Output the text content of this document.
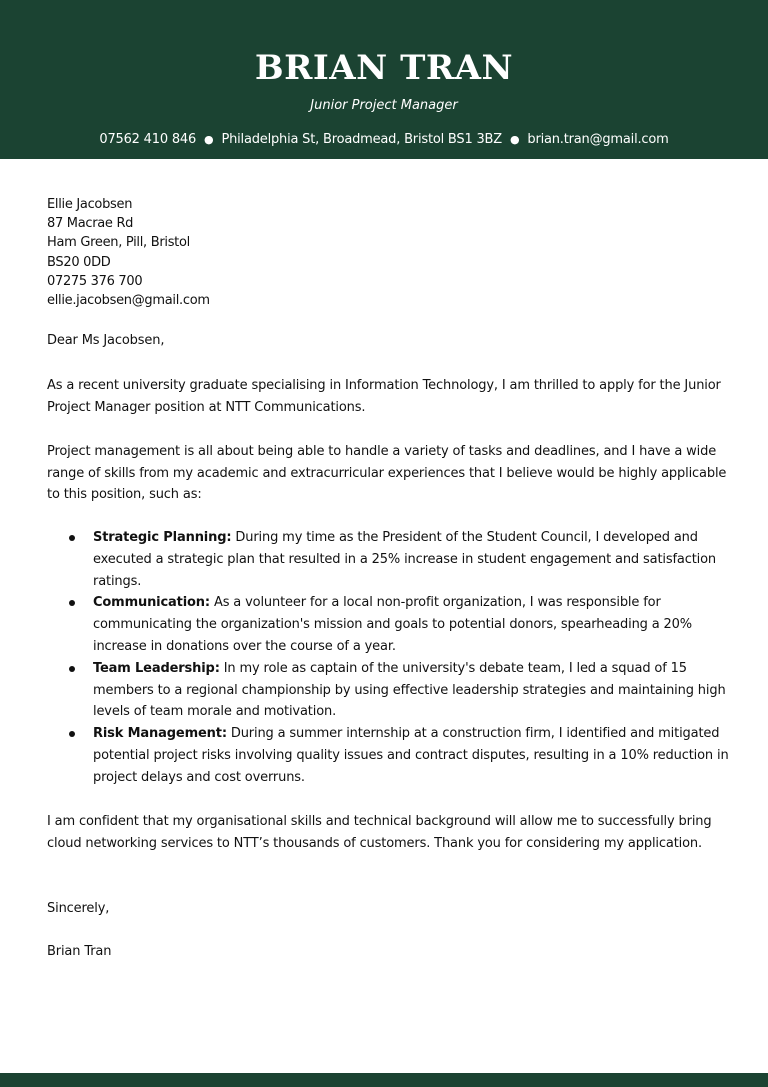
BRIAN TRAN
Junior Project Manager
07562 410 846 ● Philadelphia St, Broadmead, Bristol BS1 3BZ ● brian.tran@gmail.com
Ellie Jacobsen
87 Macrae Rd
Ham Green, Pill, Bristol
BS20 0DD
07275 376 700
ellie.jacobsen@gmail.com
Dear Ms Jacobsen,
As a recent university graduate specialising in Information Technology, I am thrilled to apply for the Junior Project Manager position at NTT Communications.
Project management is all about being able to handle a variety of tasks and deadlines, and I have a wide range of skills from my academic and extracurricular experiences that I believe would be highly applicable to this position, such as:
Strategic Planning: During my time as the President of the Student Council, I developed and executed a strategic plan that resulted in a 25% increase in student engagement and satisfaction ratings.
Communication: As a volunteer for a local non-profit organization, I was responsible for communicating the organization's mission and goals to potential donors, spearheading a 20% increase in donations over the course of a year.
Team Leadership: In my role as captain of the university's debate team, I led a squad of 15 members to a regional championship by using effective leadership strategies and maintaining high levels of team morale and motivation.
Risk Management: During a summer internship at a construction firm, I identified and mitigated potential project risks involving quality issues and contract disputes, resulting in a 10% reduction in project delays and cost overruns.
I am confident that my organisational skills and technical background will allow me to successfully bring cloud networking services to NTT’s thousands of customers. Thank you for considering my application.
Sincerely,
Brian Tran
